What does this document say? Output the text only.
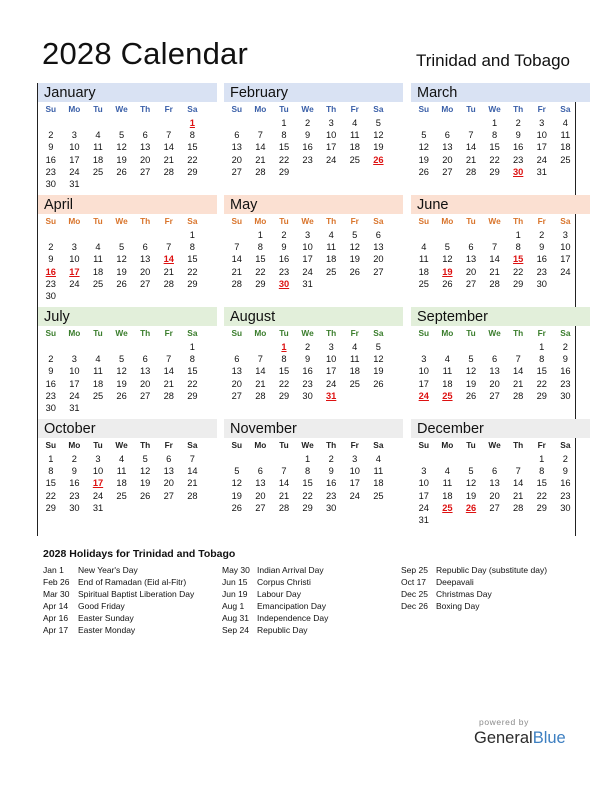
2028 Calendar	Trinidad and Tobago
January
Su	Mo	Tu	We	Th	Fr	Sa
						1
2	3	4	5	6	7	8
9	10	11	12	13	14	15
16	17	18	19	20	21	22
23	24	25	26	27	28	29
30	31					
February
Su	Mo	Tu	We	Th	Fr	Sa
		1	2	3	4	5
6	7	8	9	10	11	12
13	14	15	16	17	18	19
20	21	22	23	24	25	26
27	28	29				
March
Su	Mo	Tu	We	Th	Fr	Sa
			1	2	3	4
5	6	7	8	9	10	11
12	13	14	15	16	17	18
19	20	21	22	23	24	25
26	27	28	29	30	31	
April
Su	Mo	Tu	We	Th	Fr	Sa
						1
2	3	4	5	6	7	8
9	10	11	12	13	14	15
16	17	18	19	20	21	22
23	24	25	26	27	28	29
30						
May
Su	Mo	Tu	We	Th	Fr	Sa
	1	2	3	4	5	6
7	8	9	10	11	12	13
14	15	16	17	18	19	20
21	22	23	24	25	26	27
28	29	30	31			
June
Su	Mo	Tu	We	Th	Fr	Sa
				1	2	3
4	5	6	7	8	9	10
11	12	13	14	15	16	17
18	19	20	21	22	23	24
25	26	27	28	29	30	
July
Su	Mo	Tu	We	Th	Fr	Sa
						1
2	3	4	5	6	7	8
9	10	11	12	13	14	15
16	17	18	19	20	21	22
23	24	25	26	27	28	29
30	31					
August
Su	Mo	Tu	We	Th	Fr	Sa
		1	2	3	4	5
6	7	8	9	10	11	12
13	14	15	16	17	18	19
20	21	22	23	24	25	26
27	28	29	30	31		
September
Su	Mo	Tu	We	Th	Fr	Sa
					1	2
3	4	5	6	7	8	9
10	11	12	13	14	15	16
17	18	19	20	21	22	23
24	25	26	27	28	29	30
October
Su	Mo	Tu	We	Th	Fr	Sa
1	2	3	4	5	6	7
8	9	10	11	12	13	14
15	16	17	18	19	20	21
22	23	24	25	26	27	28
29	30	31				
November
Su	Mo	Tu	We	Th	Fr	Sa
			1	2	3	4
5	6	7	8	9	10	11
12	13	14	15	16	17	18
19	20	21	22	23	24	25
26	27	28	29	30		
December
Su	Mo	Tu	We	Th	Fr	Sa
					1	2
3	4	5	6	7	8	9
10	11	12	13	14	15	16
17	18	19	20	21	22	23
24	25	26	27	28	29	30
31						
2028 Holidays for Trinidad and Tobago
Jan 1 New Year's Day
Feb 26 End of Ramadan (Eid al-Fitr)
Mar 30 Spiritual Baptist Liberation Day
Apr 14 Good Friday
Apr 16 Easter Sunday
Apr 17 Easter Monday
May 30 Indian Arrival Day
Jun 15 Corpus Christi
Jun 19 Labour Day
Aug 1 Emancipation Day
Aug 31 Independence Day
Sep 24 Republic Day
Sep 25 Republic Day (substitute day)
Oct 17 Deepavali
Dec 25 Christmas Day
Dec 26 Boxing Day
powered by
GeneralBlue
